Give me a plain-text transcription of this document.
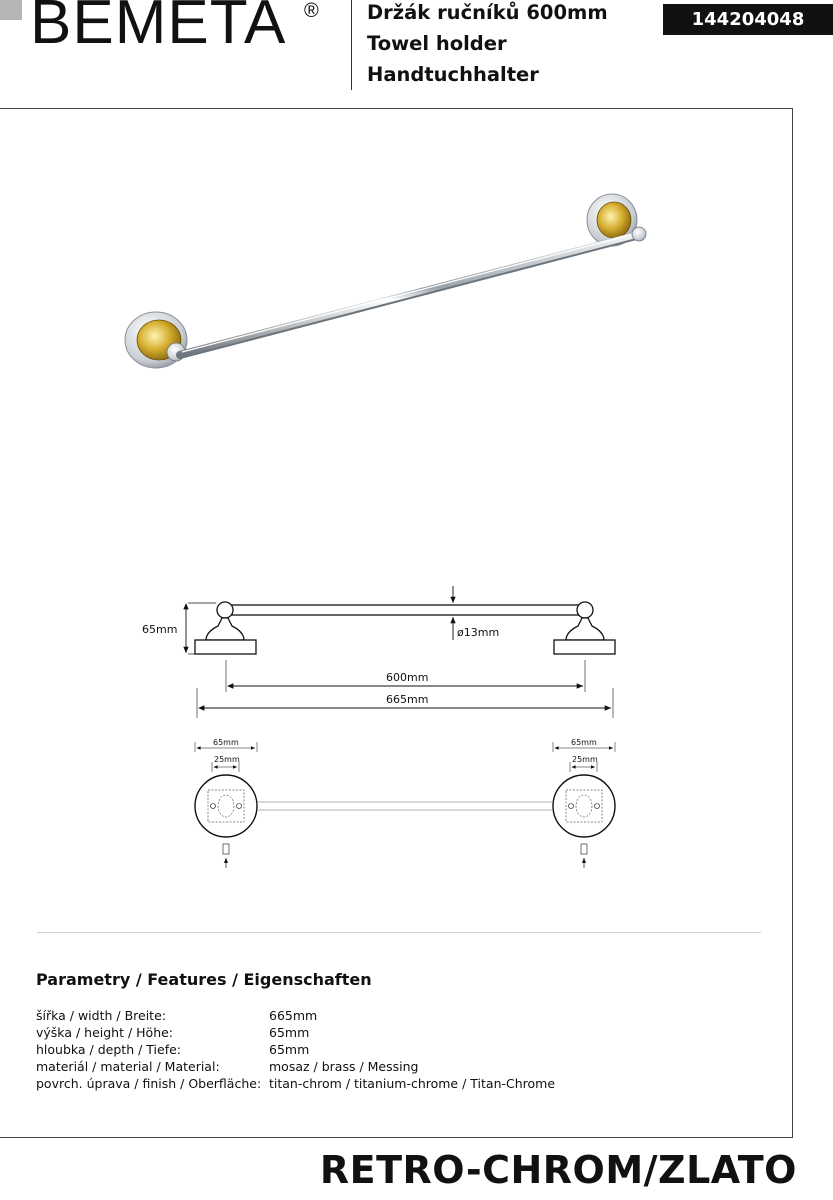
BEMETA ® Držák ručníků 600mm
Towel holder
Handtuchhalter
144204048
65mm	ø13mm
600mm
665mm
65mm
25mm
65mm
25mm
Parametry / Features / Eigenschaften
šířka / width / Breite:	665mm
výška / height / Höhe:	65mm
hloubka / depth / Tiefe:	65mm
materiál / material / Material:	mosaz / brass / Messing
povrch. úprava / finish / Oberfläche: titan-chrom / titanium-chrome / Titan-Chrome
RETRO-CHROM/ZLATO
